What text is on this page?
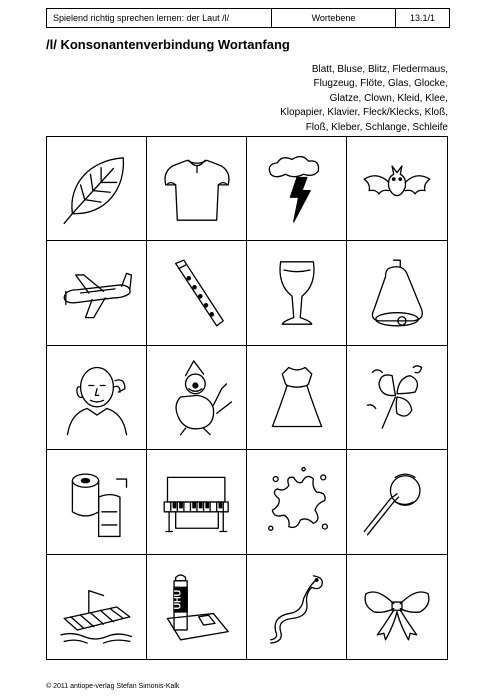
Spielend richtig sprechen lernen: der Laut /l/	Wortebene	13.1/1
/l/ Konsonantenverbindung Wortanfang
Blatt, Bluse, Blitz, Fledermaus,
Flugzeug, Flöte, Glas, Glocke,
Glatze, Clown, Kleid, Klee,
Klopapier, Klavier, Fleck/Klecks, Kloß,
Floß, Kleber, Schlange, Schleife
UHU
© 2011 antiope-verlag Stefan Simonis-Kalk
